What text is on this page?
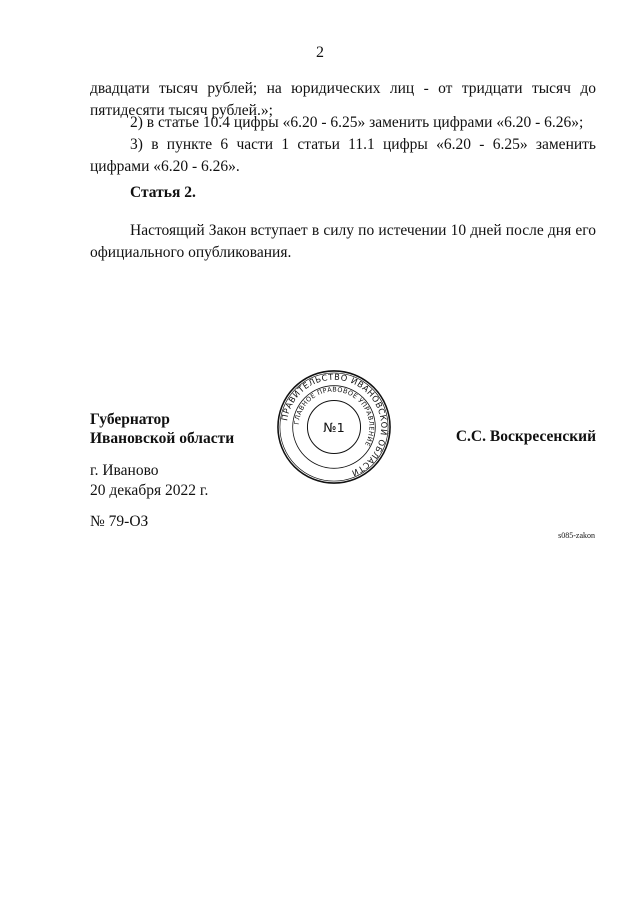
2
двадцати тысяч рублей; на юридических лиц - от тридцати тысяч до
пятидесяти тысяч рублей.»;
2) в статье 10.4 цифры «6.20 - 6.25» заменить цифрами «6.20 - 6.26»;
3) в пункте 6 части 1 статьи 11.1 цифры «6.20 - 6.25» заменить
цифрами «6.20 - 6.26».
Статья 2.
Настоящий Закон вступает в силу по истечении 10 дней после дня его
официального опубликования.
Губернатор
Ивановской области	С.С. Воскресенский
ПРАВИТЕЛЬСТВО ИВАНОВСКОЙ ОБЛАСТИ
ГЛАВНОЕ ПРАВОВОЕ УПРАВЛЕНИЕ
№1
г. Иваново
20 декабря 2022 г.
№ 79-ОЗ
s085-zakon
